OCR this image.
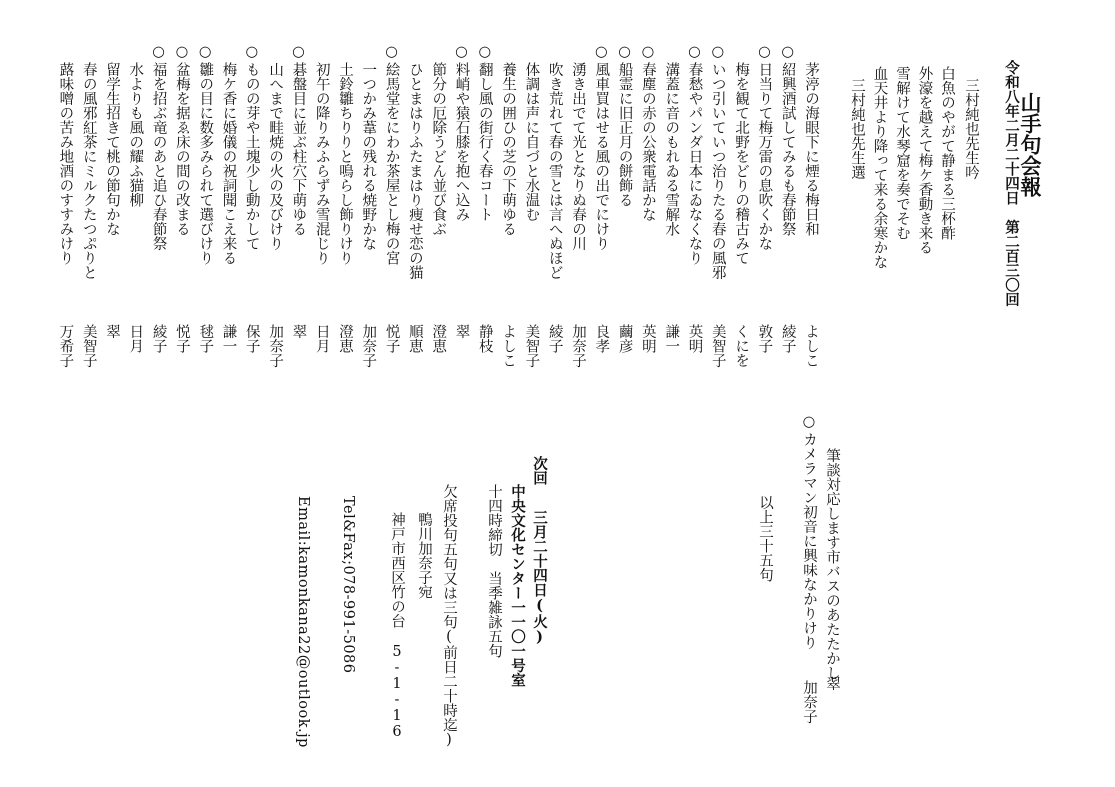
山手句会報
令和八年二月二十四日　第二百三〇回
三村純也先生吟
白魚のやがて静まる三杯酢
外濠を越えて梅ケ香動き来る
雪解けて水琴窟を奏でそむ
血天井より降って来る余寒かな
三村純也先生選
茅渟の海眼下に煙る梅日和
よしこ
○
紹興酒試してみるも春節祭
綾子
○
日当りて梅万雷の息吹くかな
敦子
梅を観て北野をどりの稽古みて
くにを
○
いつ引いていつ治りたる春の風邪
美智子
○
春愁やパンダ日本にゐなくなり
英明
溝蓋に音のもれゐる雪解水
謙一
○
春塵の赤の公衆電話かな
英明
○
船霊に旧正月の餅飾る
繭彦
○
風車買はせる風の出でにけり
良孝
湧き出でて光となりぬ春の川
加奈子
吹き荒れて春の雪とは言へぬほど
綾子
体調は声に自づと水温む
美智子
養生の囲ひの芝の下萌ゆる
よしこ
○
翻し風の街行く春コート
静枝
○
料峭や猿石膝を抱へ込み
翠
節分の厄除うどん並び食ぶ
澄恵
ひとまはりふたまはり痩せ恋の猫
順恵
○
絵馬堂をにわか茶屋とし梅の宮
悦子
一つかみ葦の残れる焼野かな
加奈子
土鈴雛ちりりと鳴らし飾りけり
澄恵
初午の降りみふらずみ雪混じり
日月
○
碁盤目に並ぶ柱穴下萌ゆる
翠
山へまで畦焼の火の及びけり
加奈子
○
ものの芽や土塊少し動かして
保子
梅ケ香に婚儀の祝詞聞こえ来る
謙一
○
雛の目に数多みられて選びけり
毬子
○
盆梅を据ゑ床の間の改まる
悦子
○
福を招ぶ竜のあと追ひ春節祭
綾子
水よりも風の耀ふ猫柳
日月
留学生招きて桃の節句かな
翠
春の風邪紅茶にミルクたつぷりと
美智子
蕗味噌の苦み地酒のすすみけり
万希子
筆談対応します市バスのあたたかし
翠
カメラマン初音に興味なかりけり
○
加奈子
以上三十五句
次回 三月二十四日(火)
中央文化センター一一〇一号室
十四時締切　当季雑詠五句
欠席投句五句又は三句(前日二十時迄)
鴨川加奈子宛
神戸市西区竹の台 5-1-16
Tel&Fax;078-991-5086
Email:kamonkana22@outlook.jp
